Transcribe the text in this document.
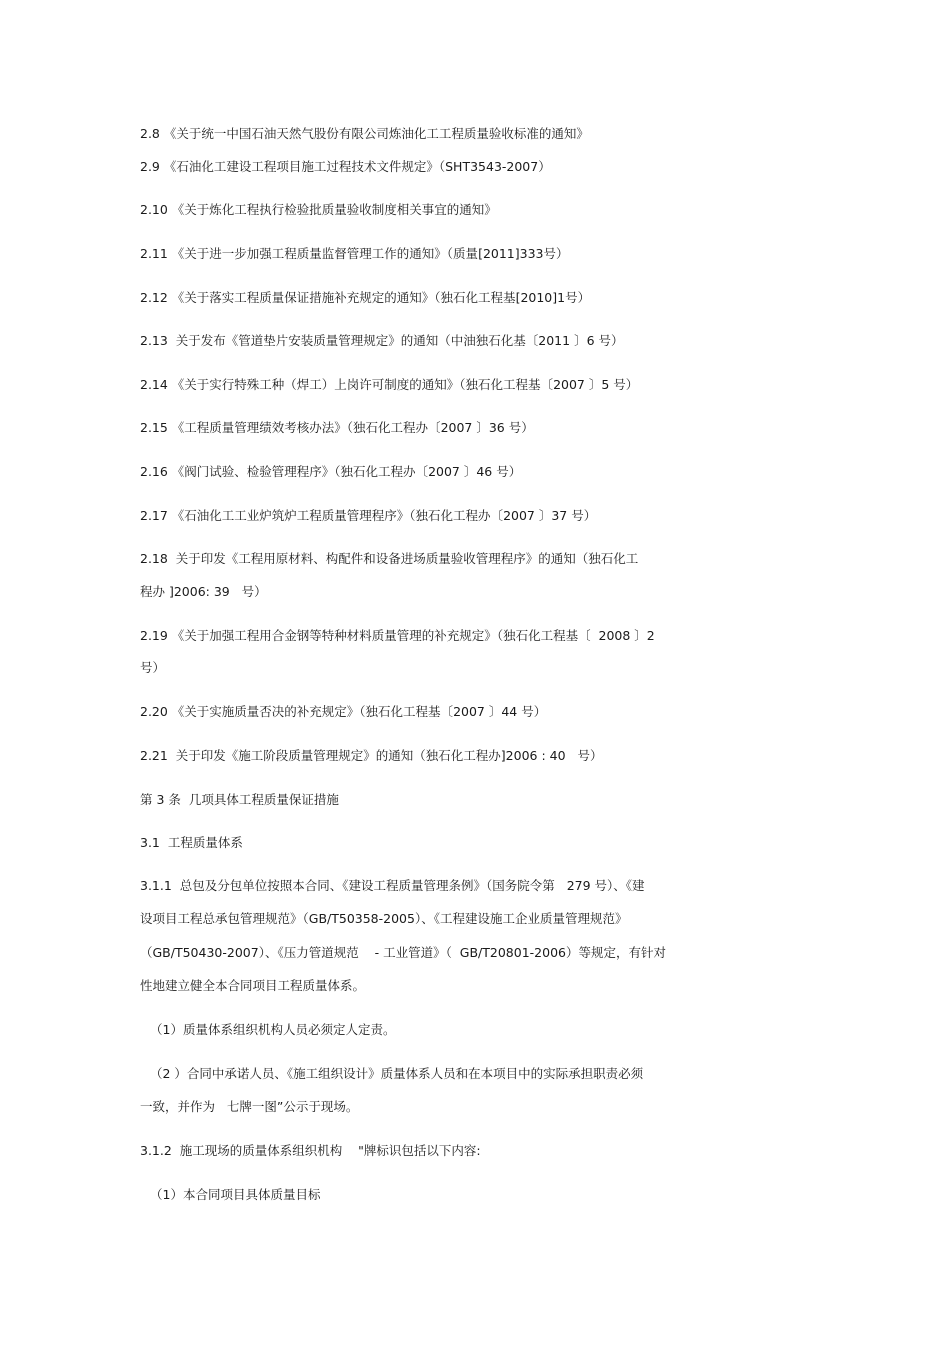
2.8 《关于统一中国石油天然气股份有限公司炼油化工工程质量验收标准的通知》
2.9 《石油化工建设工程项目施工过程技术文件规定》（SHT3543-2007）
2.10 《关于炼化工程执行检验批质量验收制度相关事宜的通知》
2.11 《关于进一步加强工程质量监督管理工作的通知》（质量[2011]333号）
2.12 《关于落实工程质量保证措施补充规定的通知》（独石化工程基[2010]1号）
2.13  关于发布《管道垫片安装质量管理规定》的通知（中油独石化基〔2011 〕6 号）
2.14 《关于实行特殊工种（焊工）上岗许可制度的通知》（独石化工程基〔2007 〕5 号）
2.15 《工程质量管理绩效考核办法》（独石化工程办〔2007 〕36 号）
2.16 《阀门试验、检验管理程序》（独石化工程办〔2007 〕46 号）
2.17 《石油化工工业炉筑炉工程质量管理程序》（独石化工程办〔2007 〕37 号）
2.18  关于印发《工程用原材料、构配件和设备进场质量验收管理程序》的通知（独石化工
程办 ]2006: 39   号）
2.19 《关于加强工程用合金钢等特种材料质量管理的补充规定》（独石化工程基〔  2008 〕2
号）
2.20 《关于实施质量否决的补充规定》（独石化工程基〔2007 〕44 号）
2.21  关于印发《施工阶段质量管理规定》的通知（独石化工程办]2006 : 40   号）
第 3 条  几项具体工程质量保证措施
3.1  工程质量体系
3.1.1  总包及分包单位按照本合同、《建设工程质量管理条例》（国务院令第   279 号）、《建
设项目工程总承包管理规范》（GB/T50358-2005）、《工程建设施工企业质量管理规范》
（GB/T50430-2007）、《压力管道规范    - 工业管道》（  GB/T20801-2006）等规定，有针对
性地建立健全本合同项目工程质量体系。
（1）质量体系组织机构人员必须定人定责。
（2 ）合同中承诺人员、《施工组织设计》质量体系人员和在本项目中的实际承担职责必须
一致，并作为   七牌一图”公示于现场。
3.1.2  施工现场的质量体系组织机构    "牌标识包括以下内容:
（1）本合同项目具体质量目标
